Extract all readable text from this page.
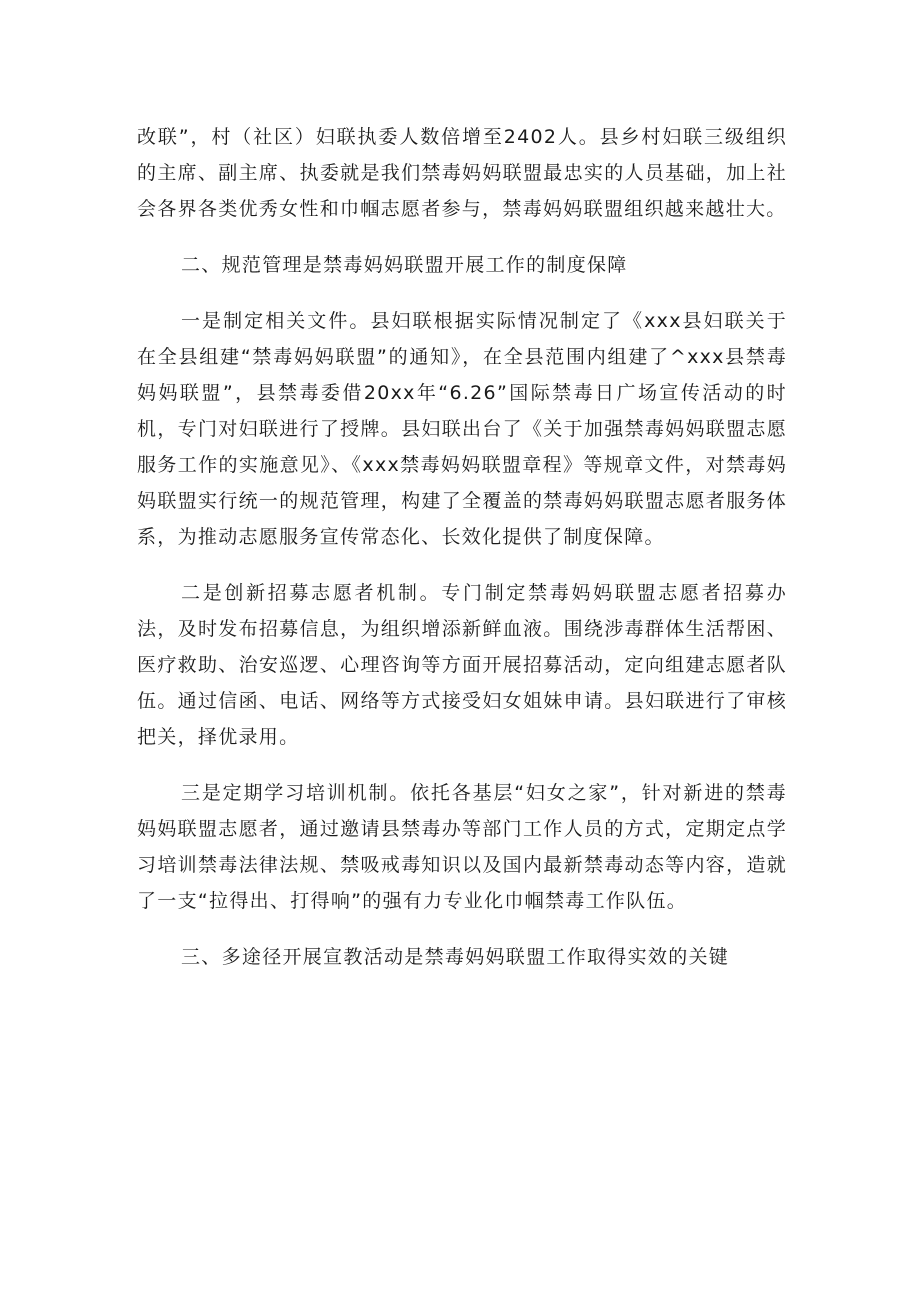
改联”，村（社区）妇联执委人数倍增至2402人。县乡村妇联三级组织的主席、副主席、执委就是我们禁毒妈妈联盟最忠实的人员基础，加上社会各界各类优秀女性和巾帼志愿者参与，禁毒妈妈联盟组织越来越壮大。

二、规范管理是禁毒妈妈联盟开展工作的制度保障

一是制定相关文件。县妇联根据实际情况制定了《xxx县妇联关于在全县组建“禁毒妈妈联盟”的通知》，在全县范围内组建了^xxx县禁毒妈妈联盟”，县禁毒委借20xx年“6.26”国际禁毒日广场宣传活动的时机，专门对妇联进行了授牌。县妇联出台了《关于加强禁毒妈妈联盟志愿服务工作的实施意见》、《xxx禁毒妈妈联盟章程》等规章文件，对禁毒妈妈联盟实行统一的规范管理，构建了全覆盖的禁毒妈妈联盟志愿者服务体系，为推动志愿服务宣传常态化、长效化提供了制度保障。

二是创新招募志愿者机制。专门制定禁毒妈妈联盟志愿者招募办法，及时发布招募信息，为组织增添新鲜血液。围绕涉毒群体生活帮困、医疗救助、治安巡逻、心理咨询等方面开展招募活动，定向组建志愿者队伍。通过信函、电话、网络等方式接受妇女姐妹申请。县妇联进行了审核把关，择优录用。

三是定期学习培训机制。依托各基层“妇女之家”，针对新进的禁毒妈妈联盟志愿者，通过邀请县禁毒办等部门工作人员的方式，定期定点学习培训禁毒法律法规、禁吸戒毒知识以及国内最新禁毒动态等内容，造就了一支“拉得出、打得响”的强有力专业化巾帼禁毒工作队伍。

三、多途径开展宣教活动是禁毒妈妈联盟工作取得实效的关键
